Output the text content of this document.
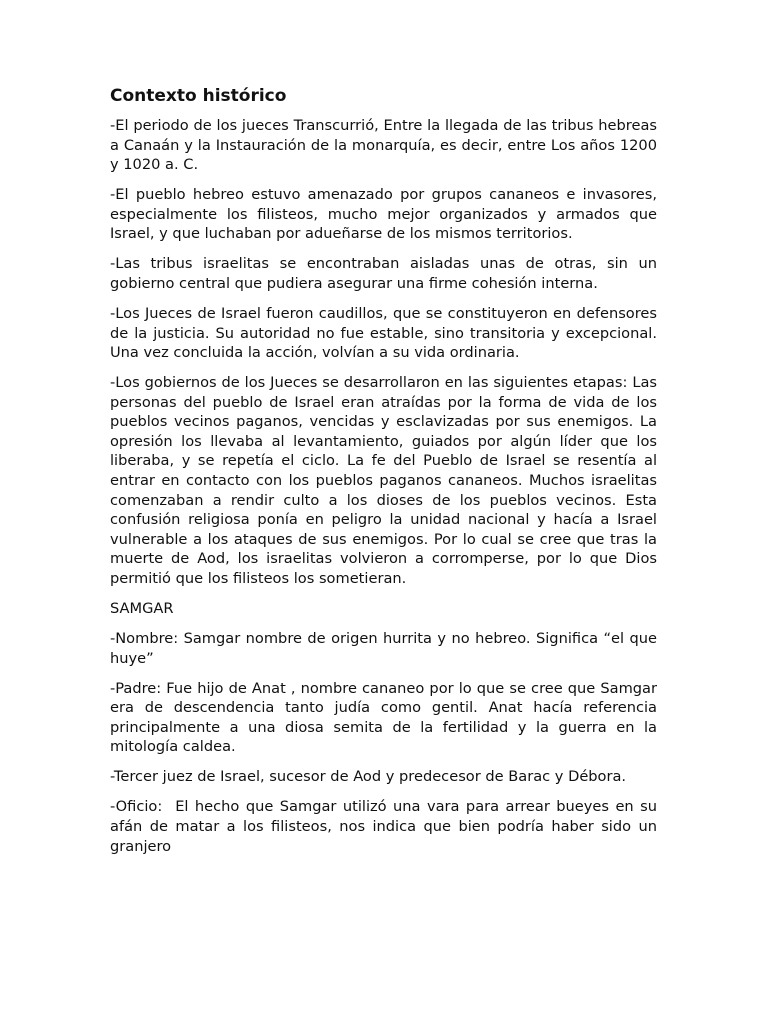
Contexto histórico

-El periodo de los jueces Transcurrió, Entre la llegada de las tribus hebreas a Canaán y la Instauración de la monarquía, es decir, entre Los años 1200 y 1020 a. C.

-El pueblo hebreo estuvo amenazado por grupos cananeos e invasores, especialmente los filisteos, mucho mejor organizados y armados que Israel, y que luchaban por adueñarse de los mismos territorios.

-Las tribus israelitas se encontraban aisladas unas de otras, sin un gobierno central que pudiera asegurar una firme cohesión interna.

-Los Jueces de Israel fueron caudillos, que se constituyeron en defensores de la justicia. Su autoridad no fue estable, sino transitoria y excepcional. Una vez concluida la acción, volvían a su vida ordinaria.

-Los gobiernos de los Jueces se desarrollaron en las siguientes etapas: Las personas del pueblo de Israel eran atraídas por la forma de vida de los pueblos vecinos paganos, vencidas y esclavizadas por sus enemigos. La opresión los llevaba al levantamiento, guiados por algún líder que los liberaba, y se repetía el ciclo. La fe del Pueblo de Israel se resentía al entrar en contacto con los pueblos paganos cananeos. Muchos israelitas comenzaban a rendir culto a los dioses de los pueblos vecinos. Esta confusión religiosa ponía en peligro la unidad nacional y hacía a Israel vulnerable a los ataques de sus enemigos. Por lo cual se cree que tras la muerte de Aod, los israelitas volvieron a corromperse, por lo que Dios permitió que los filisteos los sometieran.

SAMGAR

-Nombre: Samgar nombre de origen hurrita y no hebreo. Significa “el que huye”

-Padre: Fue hijo de Anat , nombre cananeo por lo que se cree que Samgar era de descendencia tanto judía como gentil. Anat hacía referencia principalmente a una diosa semita de la fertilidad y la guerra en la mitología caldea.

-Tercer juez de Israel, sucesor de Aod y predecesor de Barac y Débora.

-Oficio:  El hecho que Samgar utilizó una vara para arrear bueyes en su afán de matar a los filisteos, nos indica que bien podría haber sido un granjero
